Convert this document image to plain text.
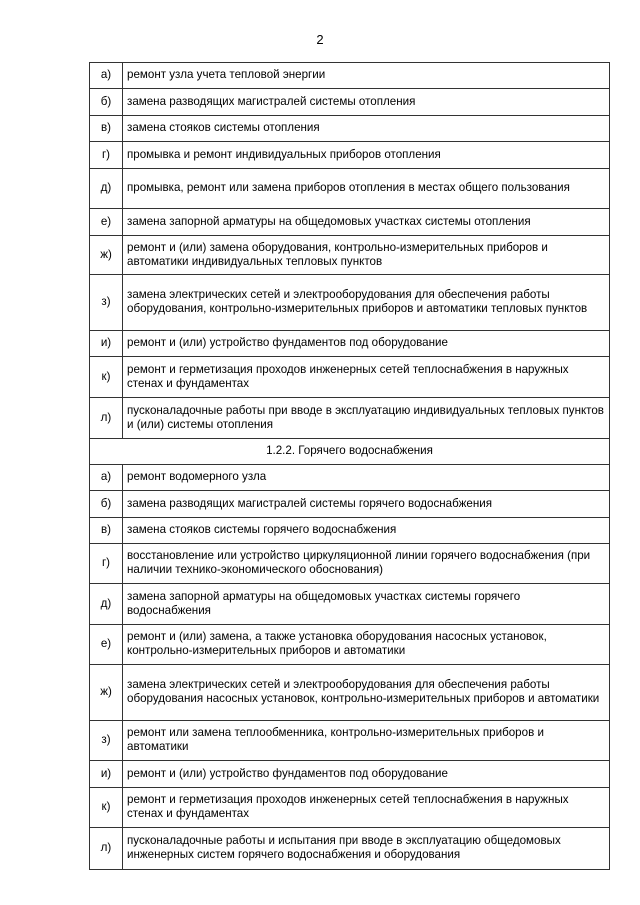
2
а)	ремонт узла учета тепловой энергии
б)	замена разводящих магистралей системы отопления
в)	замена стояков системы отопления
г)	промывка и ремонт индивидуальных приборов отопления
д)	промывка, ремонт или замена приборов отопления в местах общего пользования
е)	замена запорной арматуры на общедомовых участках системы отопления
ж)	ремонт и (или) замена оборудования, контрольно-измерительных приборов и автоматики индивидуальных тепловых пунктов
з)	замена электрических сетей и электрооборудования для обеспечения работы оборудования, контрольно-измерительных приборов и автоматики тепловых пунктов
и)	ремонт и (или) устройство фундаментов под оборудование
к)	ремонт и герметизация проходов инженерных сетей теплоснабжения в наружных стенах и фундаментах
л)	пусконаладочные работы при вводе в эксплуатацию индивидуальных тепловых пунктов и (или) системы отопления
1.2.2. Горячего водоснабжения	
а)	ремонт водомерного узла
б)	замена разводящих магистралей системы горячего водоснабжения
в)	замена стояков системы горячего водоснабжения
г)	восстановление или устройство циркуляционной линии горячего водоснабжения (при наличии технико-экономического обоснования)
д)	замена запорной арматуры на общедомовых участках системы горячего водоснабжения
е)	ремонт и (или) замена, а также установка оборудования насосных установок, контрольно-измерительных приборов и автоматики
ж)	замена электрических сетей и электрооборудования для обеспечения работы оборудования насосных установок, контрольно-измерительных приборов и автоматики
з)	ремонт или замена теплообменника, контрольно-измерительных приборов и автоматики
и)	ремонт и (или) устройство фундаментов под оборудование
к)	ремонт и герметизация проходов инженерных сетей теплоснабжения в наружных стенах и фундаментах
л)	пусконаладочные работы и испытания при вводе в эксплуатацию общедомовых инженерных систем горячего водоснабжения и оборудования
